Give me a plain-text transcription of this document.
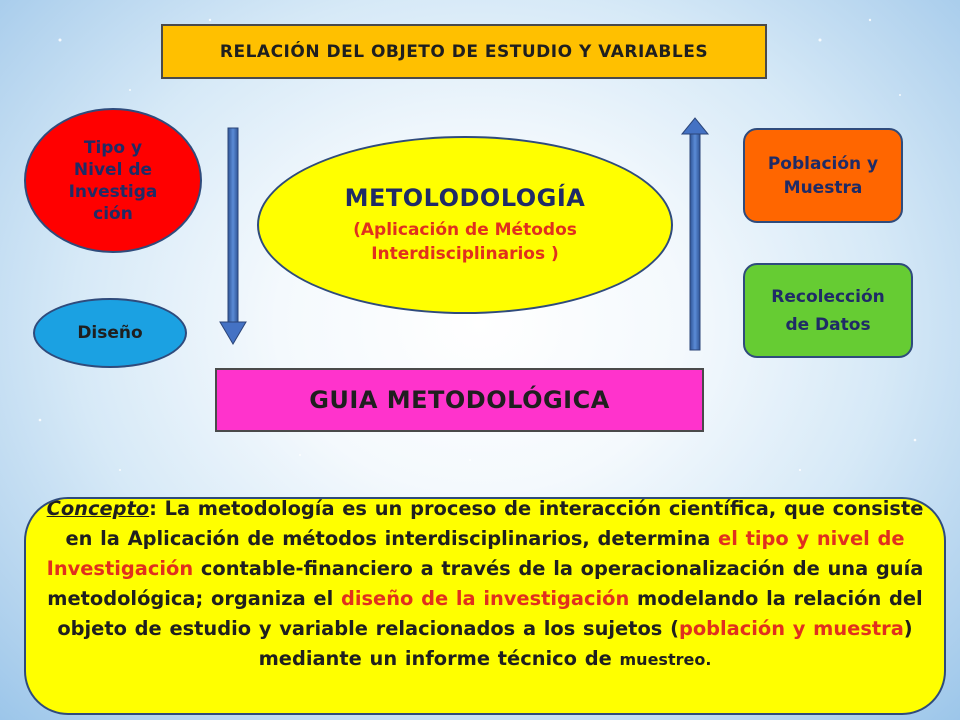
RELACIÓN DEL OBJETO DE ESTUDIO Y VARIABLES
Tipo y
Nivel de
Investiga
ción
Diseño
METOLODOLOGÍA
(Aplicación de Métodos
Interdisciplinarios )
Población y
Muestra
Recolección
de Datos
GUIA METODOLÓGICA
Concepto: La metodología es un proceso de interacción científica, que consiste en la Aplicación de métodos interdisciplinarios, determina el tipo y nivel de Investigación contable-financiero a través de la operacionalización de una guía metodológica; organiza el diseño de la investigación modelando la relación del objeto de estudio y variable relacionados a los sujetos (población y muestra) mediante un informe técnico de muestreo.
